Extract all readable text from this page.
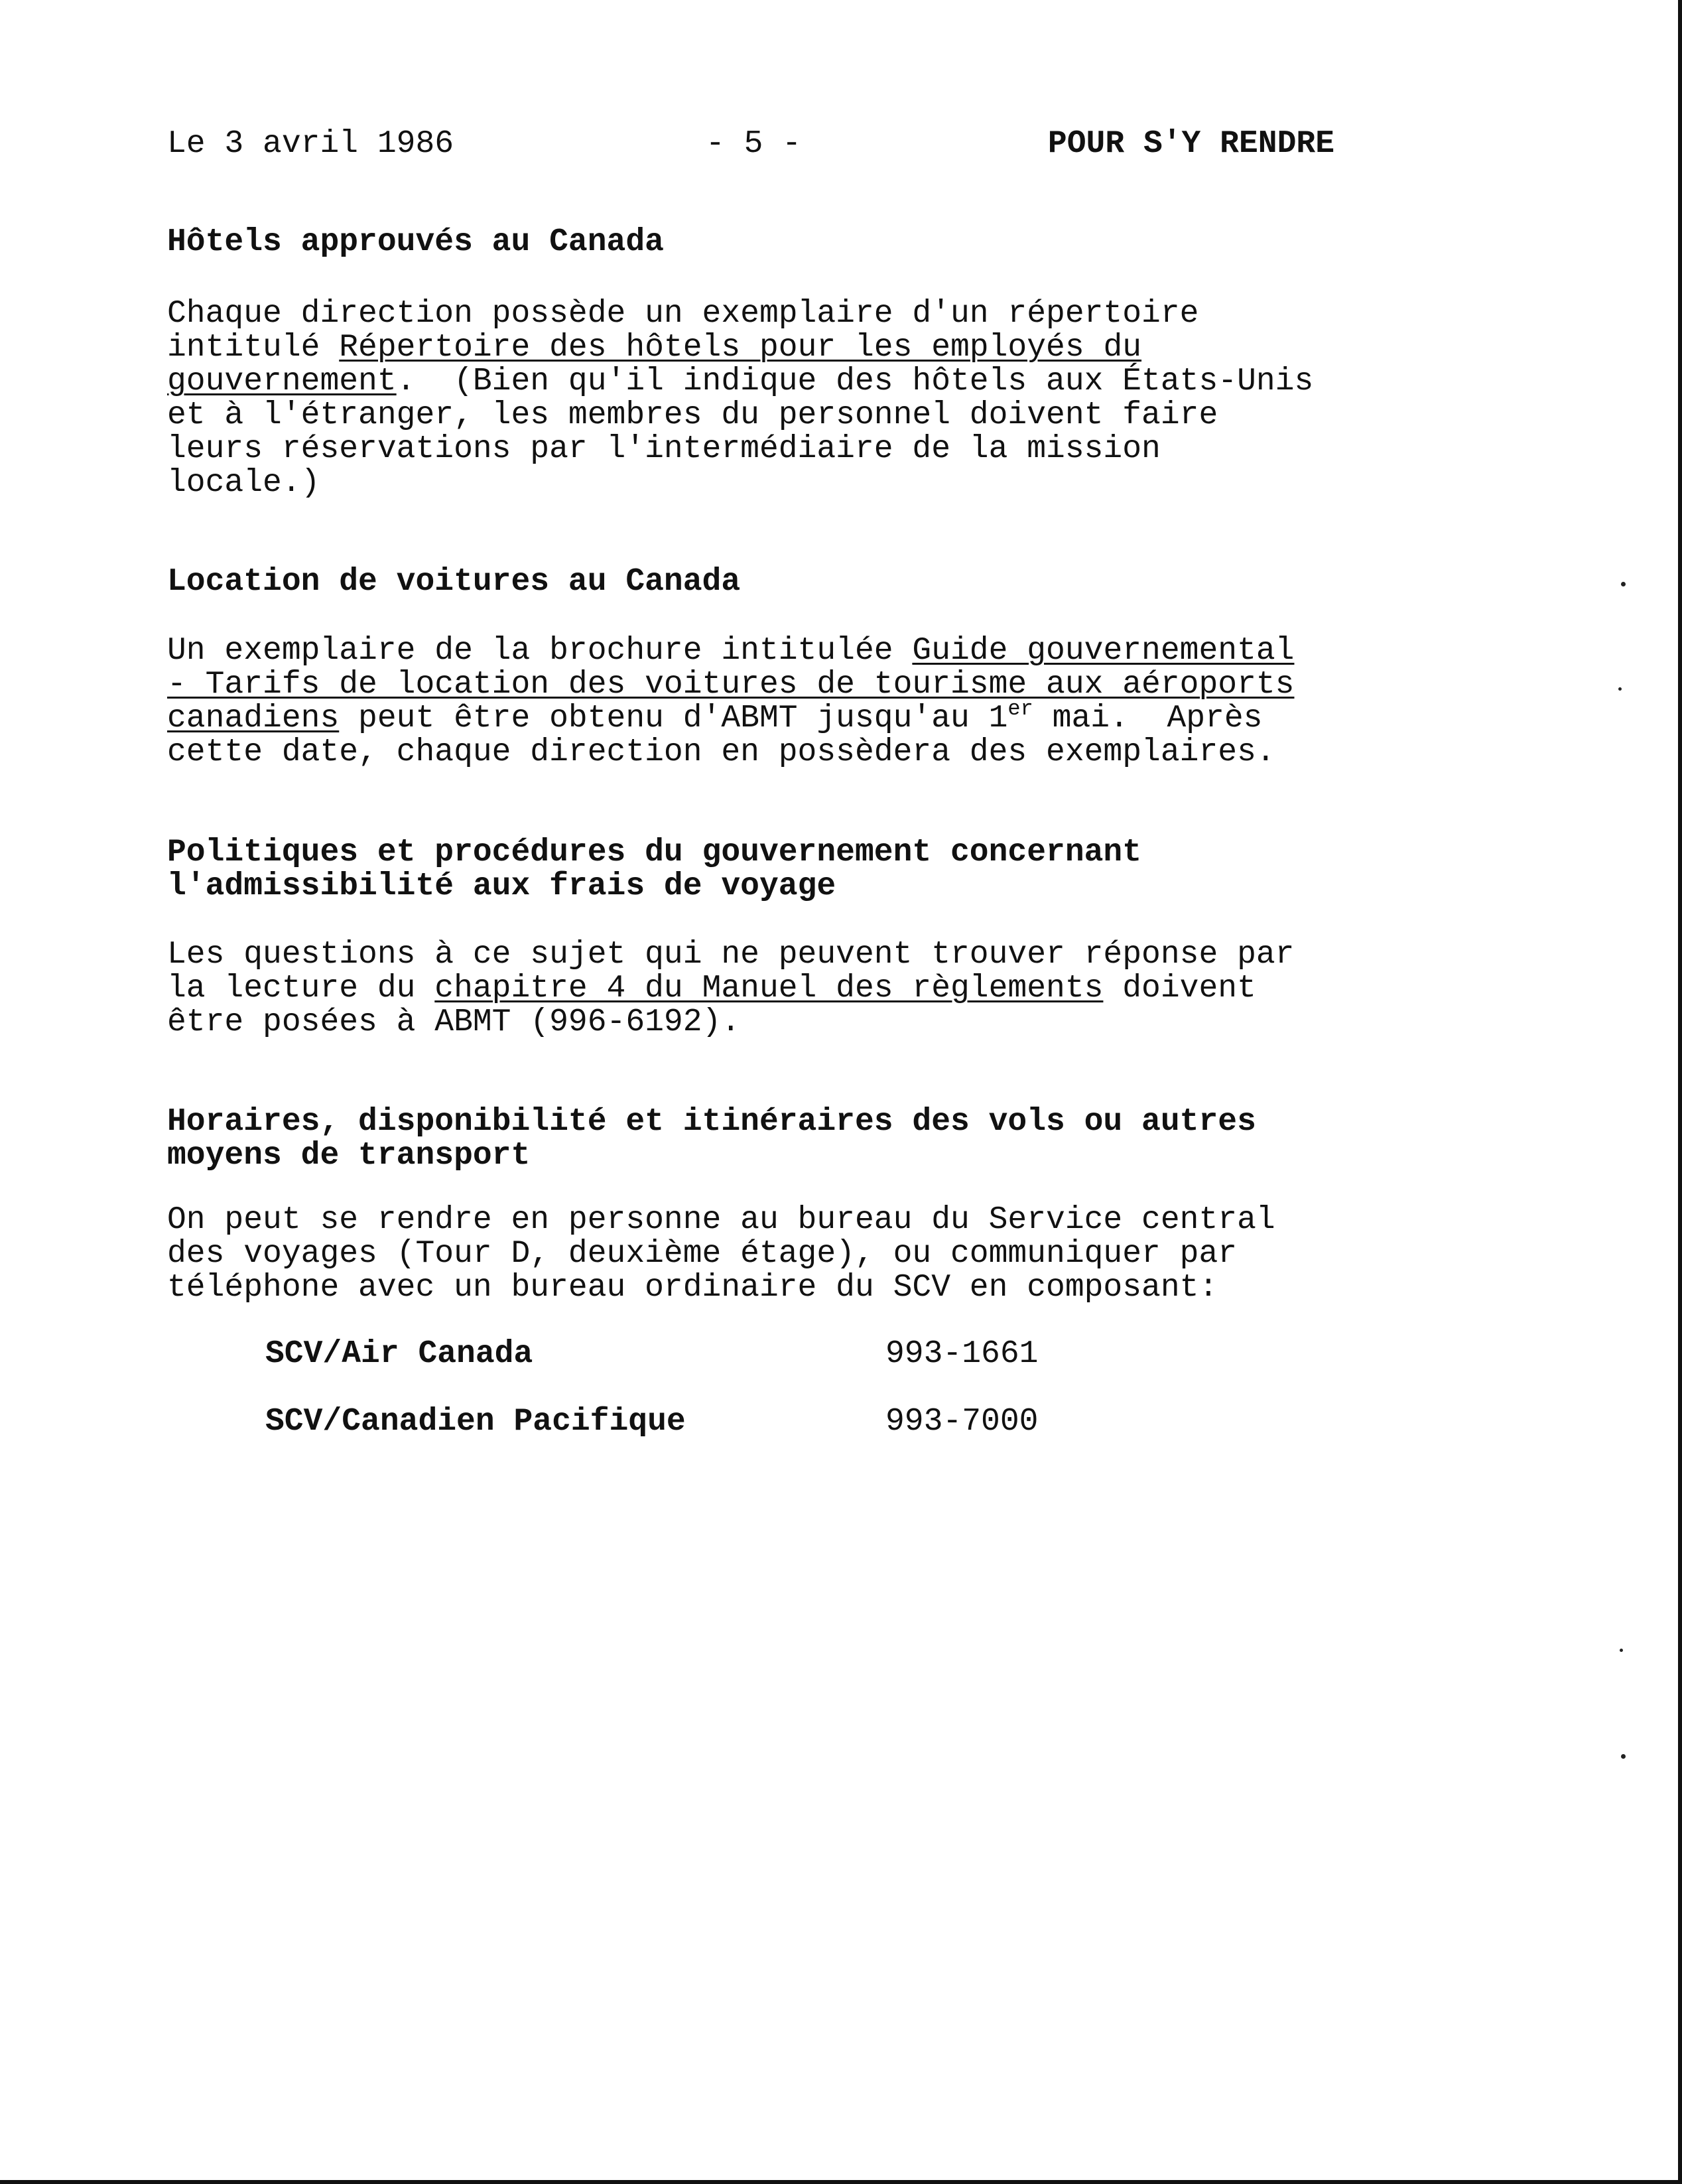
Le 3 avril 1986	- 5 -	POUR S'Y RENDRE
Hôtels approuvés au Canada
Chaque direction possède un exemplaire d'un répertoire
intitulé Répertoire des hôtels pour les employés du
gouvernement.  (Bien qu'il indique des hôtels aux États-Unis
et à l'étranger, les membres du personnel doivent faire
leurs réservations par l'intermédiaire de la mission
locale.)
Location de voitures au Canada
Un exemplaire de la brochure intitulée Guide gouvernemental
- Tarifs de location des voitures de tourisme aux aéroports
canadiens peut être obtenu d'ABMT jusqu'au 1er mai.  Après
cette date, chaque direction en possèdera des exemplaires.
Politiques et procédures du gouvernement concernant
l'admissibilité aux frais de voyage
Les questions à ce sujet qui ne peuvent trouver réponse par
la lecture du chapitre 4 du Manuel des règlements doivent
être posées à ABMT (996-6192).
Horaires, disponibilité et itinéraires des vols ou autres
moyens de transport
On peut se rendre en personne au bureau du Service central
des voyages (Tour D, deuxième étage), ou communiquer par
téléphone avec un bureau ordinaire du SCV en composant:
SCV/Air Canada	993-1661
SCV/Canadien Pacifique	993-7000
